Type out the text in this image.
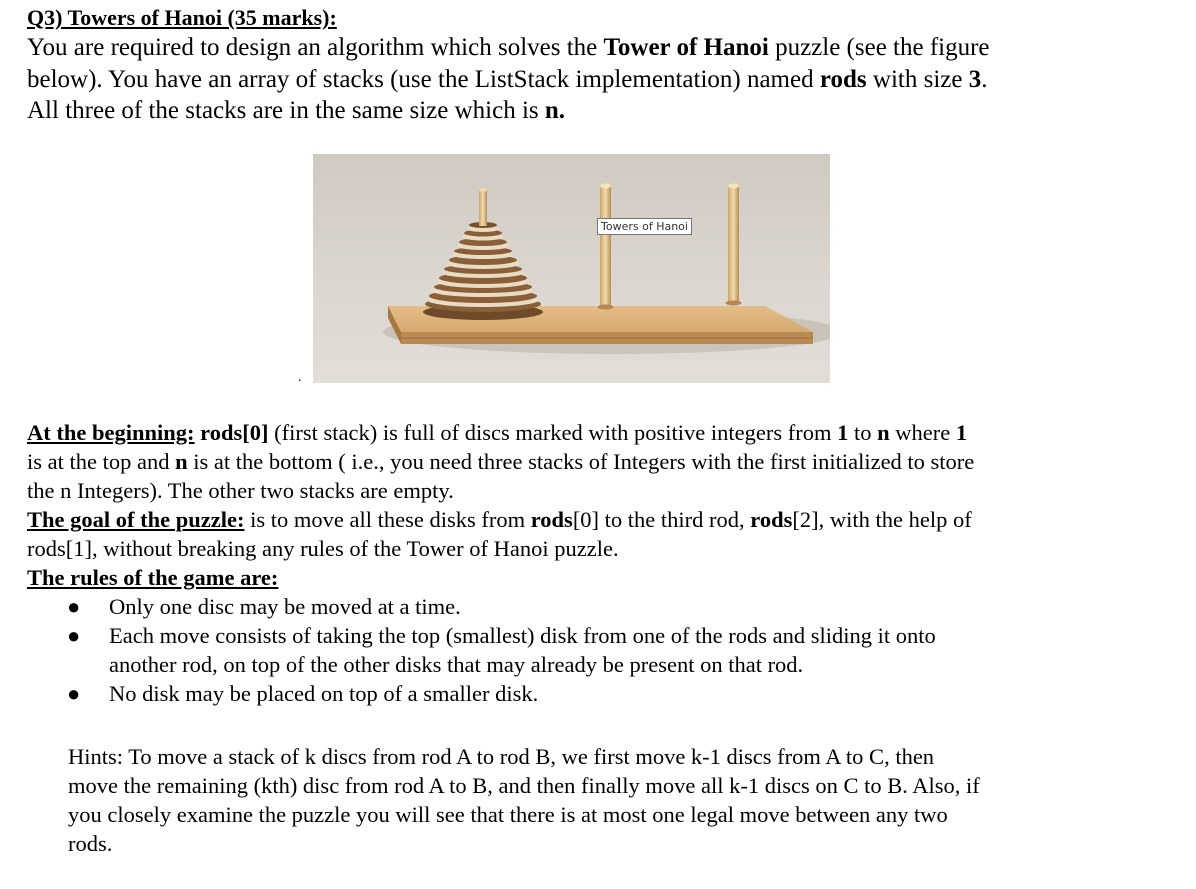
Q3) Towers of Hanoi (35 marks):
You are required to design an algorithm which solves the Tower of Hanoi puzzle (see the figure
below). You have an array of stacks (use the ListStack implementation) named rods with size 3.
All three of the stacks are in the same size which is n.
Towers of Hanoi
.
At the beginning: rods[0] (first stack) is full of discs marked with positive integers from 1 to n where 1
is at the top and n is at the bottom ( i.e., you need three stacks of Integers with the first initialized to store
the n Integers). The other two stacks are empty.
The goal of the puzzle: is to move all these disks from rods[0] to the third rod, rods[2], with the help of
rods[1], without breaking any rules of the Tower of Hanoi puzzle.
The rules of the game are:
● Only one disc may be moved at a time.
● Each move consists of taking the top (smallest) disk from one of the rods and sliding it onto
another rod, on top of the other disks that may already be present on that rod.
● No disk may be placed on top of a smaller disk.
Hints: To move a stack of k discs from rod A to rod B, we first move k-1 discs from A to C, then
move the remaining (kth) disc from rod A to B, and then finally move all k-1 discs on C to B. Also, if
you closely examine the puzzle you will see that there is at most one legal move between any two
rods.
